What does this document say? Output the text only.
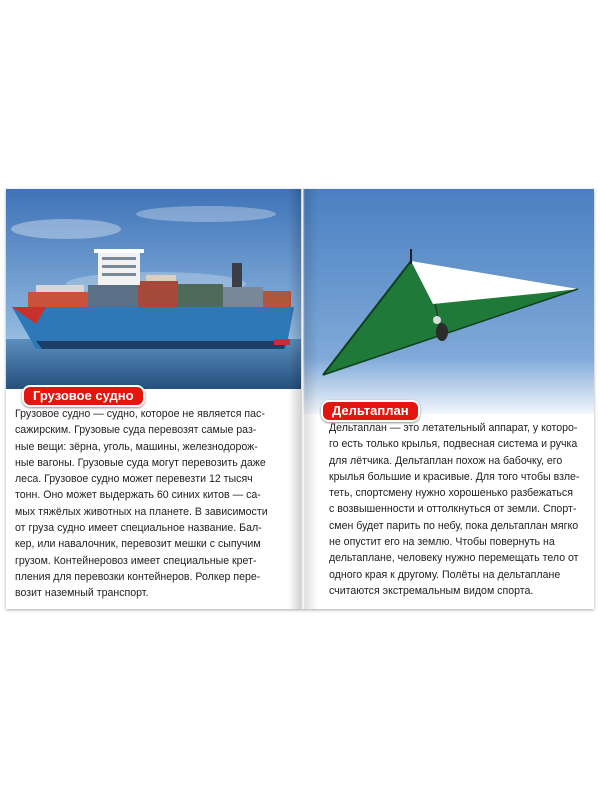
Грузовое судно
Грузовое судно — судно, которое не является пас-
сажирским. Грузовые суда перевозят самые раз-
ные вещи: зёрна, уголь, машины, железнодорож-
ные вагоны. Грузовые суда могут перевозить даже
леса. Грузовое судно может перевезти 12 тысяч
тонн. Оно может выдержать 60 синих китов — са-
мых тяжёлых животных на планете. В зависимости
от груза судно имеет специальное название. Бал-
кер, или навалочник, перевозит мешки с сыпучим
грузом. Контейнеровоз имеет специальные крет-
пления для перевозки контейнеров. Ролкер пере-
возит наземный транспорт.
Дельтаплан
Дельтаплан — это летательный аппарат, у которо-
го есть только крылья, подвесная система и ручка
для лётчика. Дельтаплан похож на бабочку, его
крылья большие и красивые. Для того чтобы взле-
теть, спортсмену нужно хорошенько разбежаться
с возвышенности и оттолкнуться от земли. Спорт-
смен будет парить по небу, пока дельтаплан мягко
не опустит его на землю. Чтобы повернуть на
дельтаплане, человеку нужно перемещать тело от
одного края к другому. Полёты на дельтаплане
считаются экстремальным видом спорта.
